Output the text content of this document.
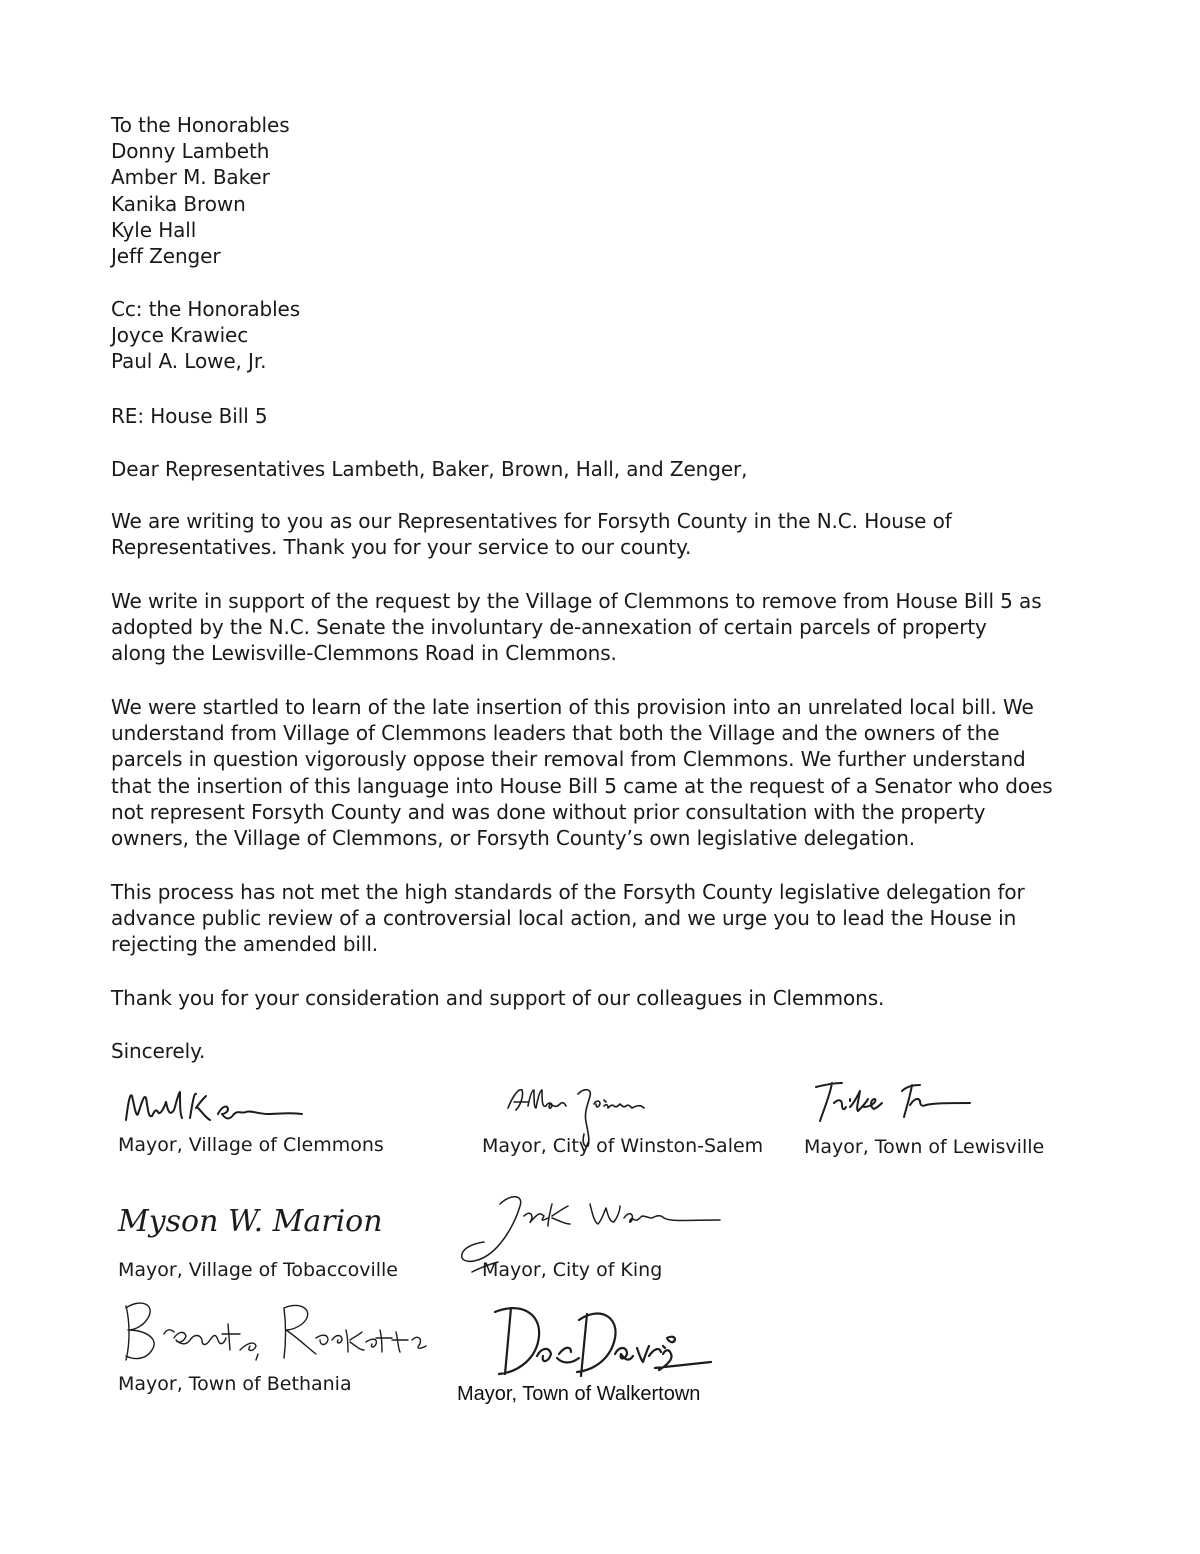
To the Honorables
Donny Lambeth
Amber M. Baker
Kanika Brown
Kyle Hall
Jeff Zenger
Cc: the Honorables
Joyce Krawiec
Paul A. Lowe, Jr.
RE: House Bill 5
Dear Representatives Lambeth, Baker, Brown, Hall, and Zenger,
We are writing to you as our Representatives for Forsyth County in the N.C. House of
Representatives. Thank you for your service to our county.
We write in support of the request by the Village of Clemmons to remove from House Bill 5 as
adopted by the N.C. Senate the involuntary de-annexation of certain parcels of property
along the Lewisville-Clemmons Road in Clemmons.
We were startled to learn of the late insertion of this provision into an unrelated local bill. We
understand from Village of Clemmons leaders that both the Village and the owners of the
parcels in question vigorously oppose their removal from Clemmons. We further understand
that the insertion of this language into House Bill 5 came at the request of a Senator who does
not represent Forsyth County and was done without prior consultation with the property
owners, the Village of Clemmons, or Forsyth County’s own legislative delegation.
This process has not met the high standards of the Forsyth County legislative delegation for
advance public review of a controversial local action, and we urge you to lead the House in
rejecting the amended bill.
Thank you for your consideration and support of our colleagues in Clemmons.
Sincerely.
Mayor, Village of Clemmons	Mayor, City of Winston-Salem Mayor, Town of Lewisville
Myson W. Marion
Mayor, Village of Tobaccoville	Mayor, City of King
Mayor, Town of Bethania	Mayor, Town of Walkertown
